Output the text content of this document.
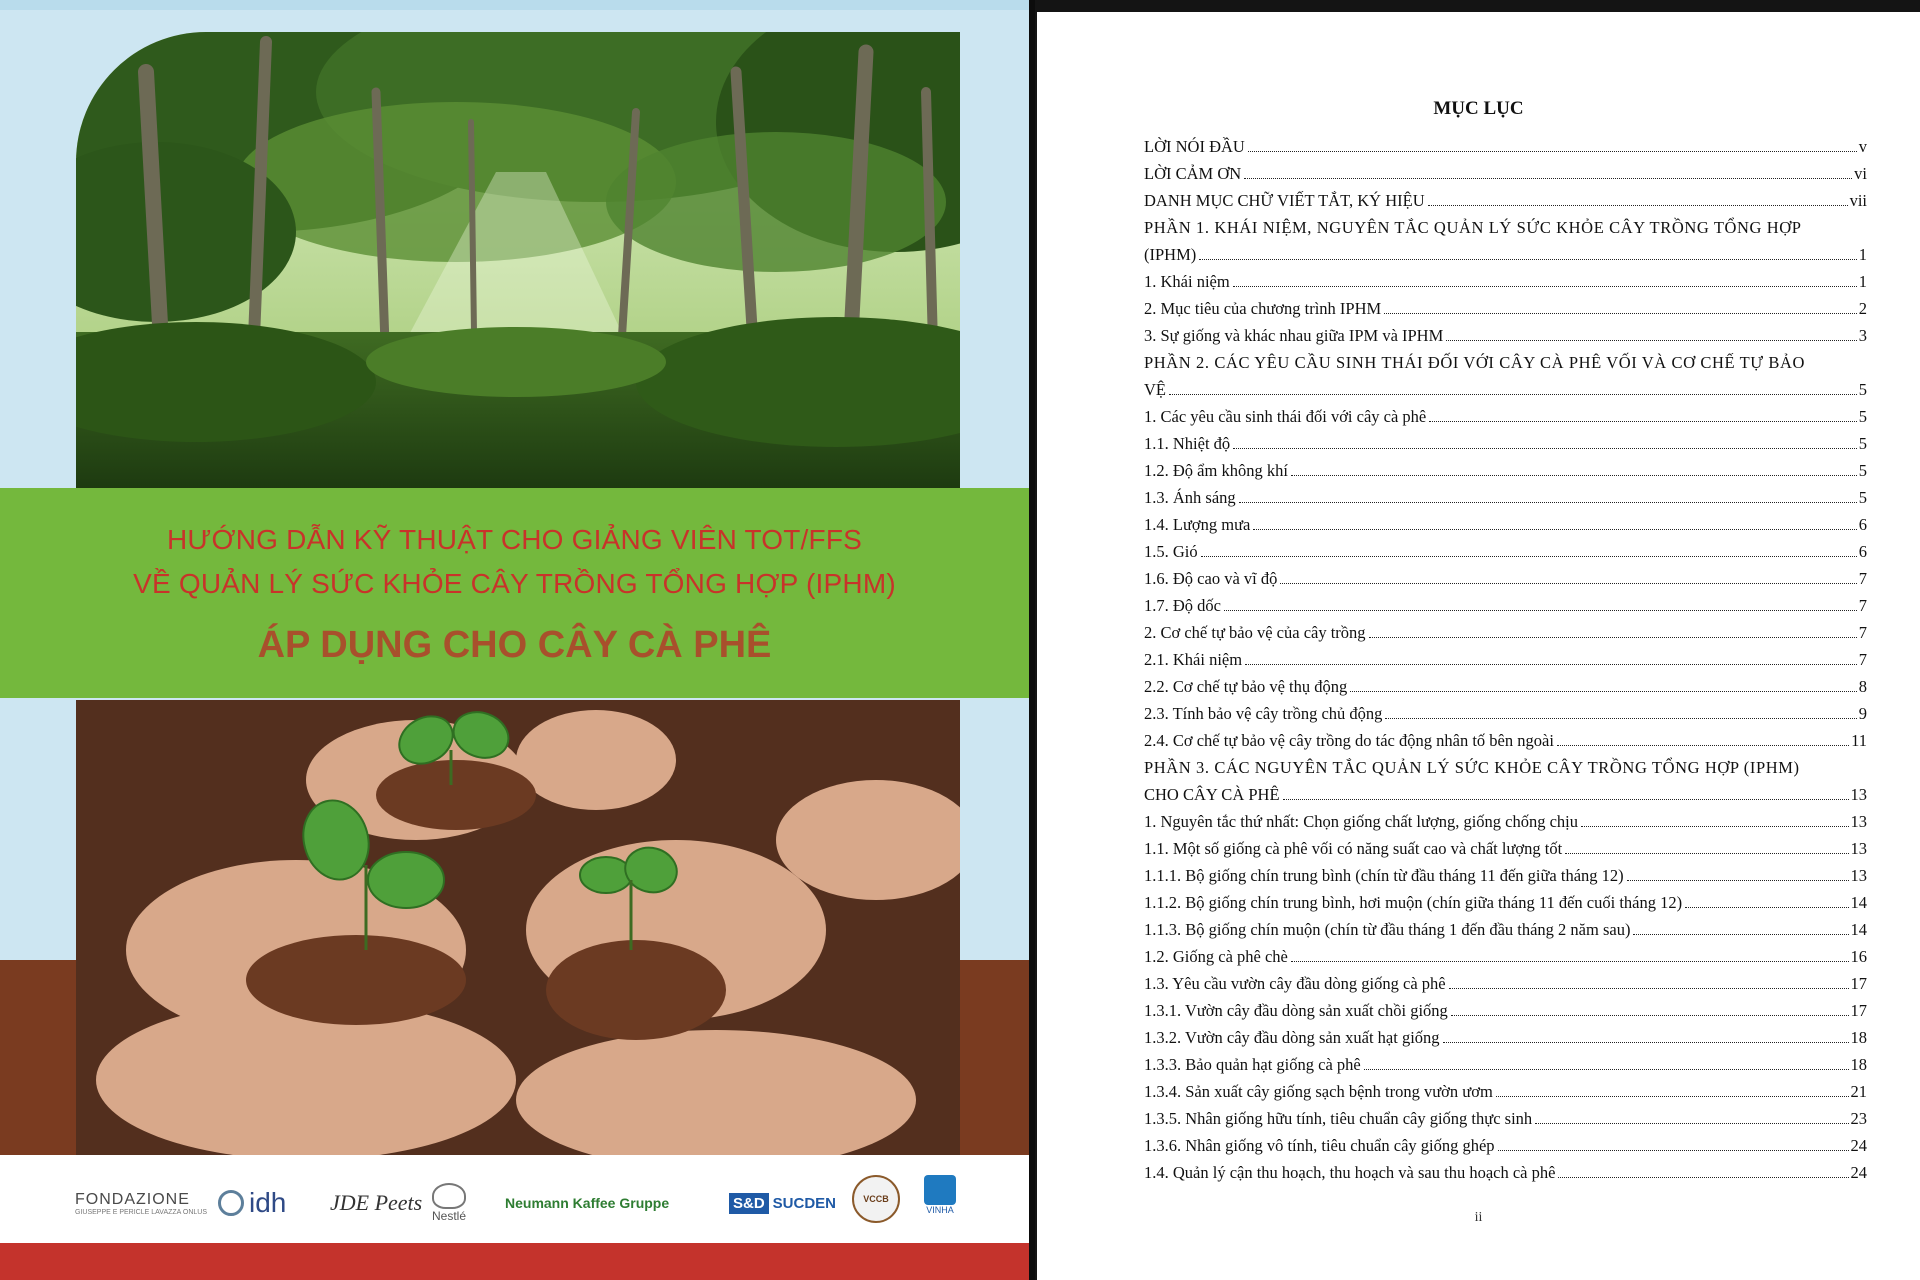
HƯỚNG DẪN KỸ THUẬT CHO GIẢNG VIÊN TOT/FFS
VỀ QUẢN LÝ SỨC KHỎE CÂY TRỒNG TỔNG HỢP (IPHM)
ÁP DỤNG CHO CÂY CÀ PHÊ
FONDAZIONE
GIUSEPPE E PERICLE LAVAZZA ONLUS idh JDE Peets
Nestlé
Neumann Kaffee Gruppe	S&D SUCDEN	VCCB
VINHA
MỤC LỤC
LỜI NÓI ĐẦU	v
LỜI CẢM ƠN	vi
DANH MỤC CHỮ VIẾT TẮT, KÝ HIỆU	vii
PHẦN 1. KHÁI NIỆM, NGUYÊN TẮC QUẢN LÝ SỨC KHỎE CÂY TRỒNG TỔNG HỢP
(IPHM)	1
1. Khái niệm	1
2. Mục tiêu của chương trình IPHM	2
3. Sự giống và khác nhau giữa IPM và IPHM	3
PHẦN 2. CÁC YÊU CẦU SINH THÁI ĐỐI VỚI CÂY CÀ PHÊ VỐI VÀ CƠ CHẾ TỰ BẢO
VỆ	5
1. Các yêu cầu sinh thái đối với cây cà phê	5
1.1. Nhiệt độ	5
1.2. Độ ẩm không khí	5
1.3. Ánh sáng	5
1.4. Lượng mưa	6
1.5. Gió	6
1.6. Độ cao và vĩ độ	7
1.7. Độ dốc	7
2. Cơ chế tự bảo vệ của cây trồng	7
2.1. Khái niệm	7
2.2. Cơ chế tự bảo vệ thụ động	8
2.3. Tính bảo vệ cây trồng chủ động	9
2.4. Cơ chế tự bảo vệ cây trồng do tác động nhân tố bên ngoài	11
PHẦN 3. CÁC NGUYÊN TẮC QUẢN LÝ SỨC KHỎE CÂY TRỒNG TỔNG HỢP (IPHM)
CHO CÂY CÀ PHÊ	13
1. Nguyên tắc thứ nhất: Chọn giống chất lượng, giống chống chịu	13
1.1. Một số giống cà phê vối có năng suất cao và chất lượng tốt	13
1.1.1. Bộ giống chín trung bình (chín từ đầu tháng 11 đến giữa tháng 12)	13
1.1.2. Bộ giống chín trung bình, hơi muộn (chín giữa tháng 11 đến cuối tháng 12)	14
1.1.3. Bộ giống chín muộn (chín từ đầu tháng 1 đến đầu tháng 2 năm sau)	14
1.2. Giống cà phê chè	16
1.3. Yêu cầu vườn cây đầu dòng giống cà phê	17
1.3.1. Vườn cây đầu dòng sản xuất chồi giống	17
1.3.2. Vườn cây đầu dòng sản xuất hạt giống	18
1.3.3. Bảo quản hạt giống cà phê	18
1.3.4. Sản xuất cây giống sạch bệnh trong vườn ươm	21
1.3.5. Nhân giống hữu tính, tiêu chuẩn cây giống thực sinh	23
1.3.6. Nhân giống vô tính, tiêu chuẩn cây giống ghép	24
1.4. Quản lý cận thu hoạch, thu hoạch và sau thu hoạch cà phê	24
ii
